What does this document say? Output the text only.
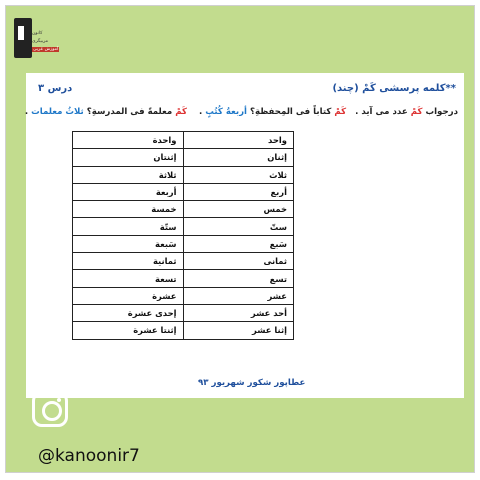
کانون
مربیگری
آموزش عربی
درس ۳	**کلمه پرسشی کَمْ (چند)
درجواب کَمْ عدد می آید .   کَمْ کتاباً فی المِحفظةِ؟ أربعةُ کُتُبٍ .    کَمْ معلمةً فی المدرسةِ؟ ثلاثُ معلمات .
واحد	واحدة
إثنان	إثنتان
ثلاث	ثلاثة
أربع	أربعة
خمس	خمسة
ستّ	ستّة
سَبع	سَبعة
ثمانی	ثمانیة
تسع	تسعة
عشر	عشرة
أحد عشر	إحدی عشرة
إثنا عشر	إثنتا عشرة
عطاپور شکور شهریور ۹۳
@kanoonir7
